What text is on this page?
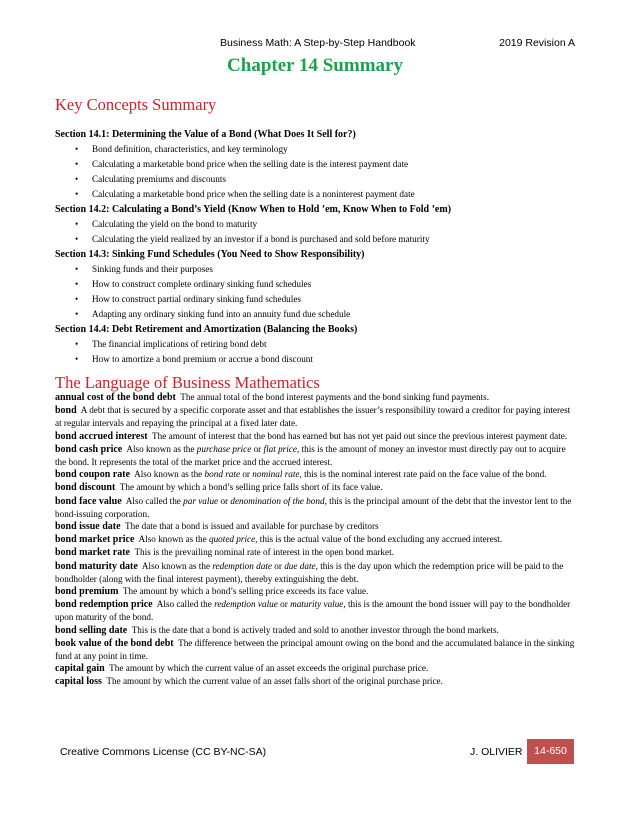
Business Math: A Step-by-Step Handbook	2019 Revision A
Chapter 14 Summary
Key Concepts Summary
Section 14.1: Determining the Value of a Bond (What Does It Sell for?)
• Bond definition, characteristics, and key terminology
• Calculating a marketable bond price when the selling date is the interest payment date
• Calculating premiums and discounts
• Calculating a marketable bond price when the selling date is a noninterest payment date
Section 14.2: Calculating a Bond’s Yield (Know When to Hold ’em, Know When to Fold ’em)
• Calculating the yield on the bond to maturity
• Calculating the yield realized by an investor if a bond is purchased and sold before maturity
Section 14.3: Sinking Fund Schedules (You Need to Show Responsibility)
• Sinking funds and their purposes
• How to construct complete ordinary sinking fund schedules
• How to construct partial ordinary sinking fund schedules
• Adapting any ordinary sinking fund into an annuity fund due schedule
Section 14.4: Debt Retirement and Amortization (Balancing the Books)
• The financial implications of retiring bond debt
• How to amortize a bond premium or accrue a bond discount
The Language of Business Mathematics

annual cost of the bond debt The annual total of the bond interest payments and the bond sinking fund payments.

bond A debt that is secured by a specific corporate asset and that establishes the issuer’s responsibility toward a creditor for paying interest at regular intervals and repaying the principal at a fixed later date.

bond accrued interest The amount of interest that the bond has earned but has not yet paid out since the previous interest payment date.

bond cash price Also known as the purchase price or flat price, this is the amount of money an investor must directly pay out to acquire the bond. It represents the total of the market price and the accrued interest.

bond coupon rate Also known as the bond rate or nominal rate, this is the nominal interest rate paid on the face value of the bond.

bond discount The amount by which a bond’s selling price falls short of its face value.

bond face value Also called the par value or denomination of the bond, this is the principal amount of the debt that the investor lent to the bond-issuing corporation.

bond issue date The date that a bond is issued and available for purchase by creditors

bond market price Also known as the quoted price, this is the actual value of the bond excluding any accrued interest.

bond market rate This is the prevailing nominal rate of interest in the open bond market.

bond maturity date Also known as the redemption date or due date, this is the day upon which the redemption price will be paid to the bondholder (along with the final interest payment), thereby extinguishing the debt.

bond premium The amount by which a bond’s selling price exceeds its face value.

bond redemption price Also called the redemption value or maturity value, this is the amount the bond issuer will pay to the bondholder upon maturity of the bond.

bond selling date This is the date that a bond is actively traded and sold to another investor through the bond markets.

book value of the bond debt The difference between the principal amount owing on the bond and the accumulated balance in the sinking fund at any point in time.

capital gain The amount by which the current value of an asset exceeds the original purchase price.

capital loss The amount by which the current value of an asset falls short of the original purchase price.

Creative Commons License (CC BY-NC-SA)	J. OLIVIER	14-650
